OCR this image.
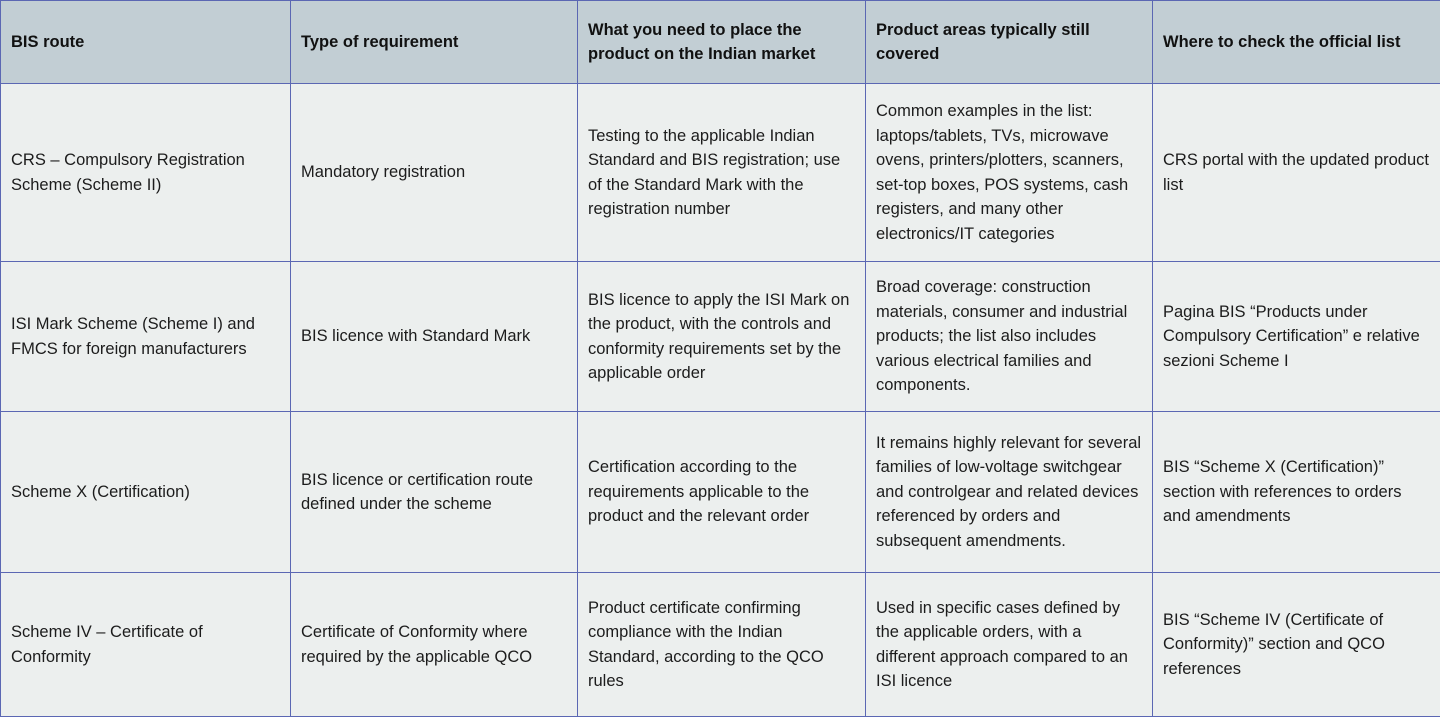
BIS route	Type of requirement	What you need to place the product on the Indian market	Product areas typically still covered	Where to check the official list
CRS – Compulsory Registration Scheme (Scheme II)	Mandatory registration	Testing to the applicable Indian Standard and BIS registration; use of the Standard Mark with the registration number	Common examples in the list: laptops/tablets, TVs, microwave ovens, printers/plotters, scanners, set-top boxes, POS systems, cash registers, and many other electronics/IT categories	CRS portal with the updated product list
ISI Mark Scheme (Scheme I) and FMCS for foreign manufacturers	BIS licence with Standard Mark	BIS licence to apply the ISI Mark on the product, with the controls and conformity requirements set by the applicable order	Broad coverage: construction materials, consumer and industrial products; the list also includes various electrical families and components.	Pagina BIS “Products under Compulsory Certification” e relative sezioni Scheme I
Scheme X (Certification)	BIS licence or certification route defined under the scheme	Certification according to the requirements applicable to the product and the relevant order	It remains highly relevant for several families of low-voltage switchgear and controlgear and related devices referenced by orders and subsequent amendments.	BIS “Scheme X (Certification)” section with references to orders and amendments
Scheme IV – Certificate of Conformity	Certificate of Conformity where required by the applicable QCO	Product certificate confirming compliance with the Indian Standard, according to the QCO rules	Used in specific cases defined by the applicable orders, with a different approach compared to an ISI licence	BIS “Scheme IV (Certificate of Conformity)” section and QCO references
